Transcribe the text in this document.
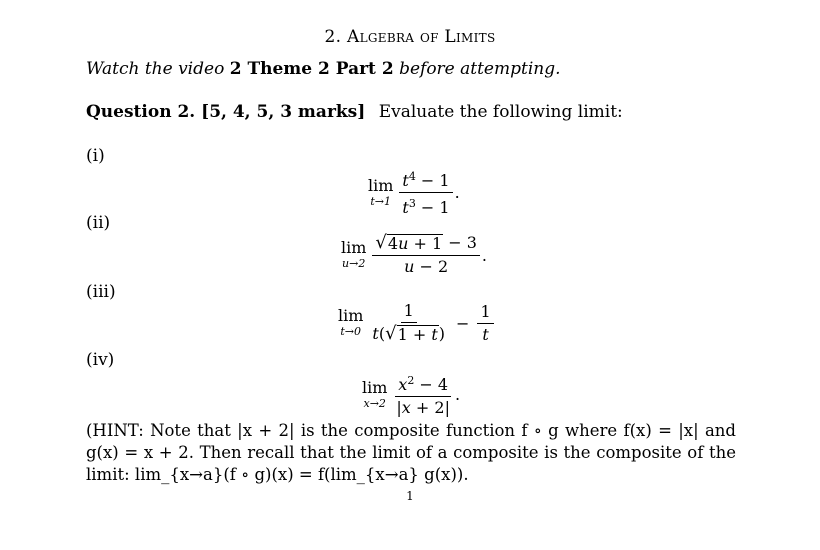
2. Algebra of Limits
Watch the video 2 Theme 2 Part 2 before attempting.
Question 2. [5, 4, 5, 3 marks] Evaluate the following limit:
(i)
lim
$t\to 1 \frac{t^4 - 1}{t^3 - 1}$ .
(ii)
lim
$u\to 2 \frac{√ 4u + 1 - 3}{u - 2}$ .
(iii)
lim
$t\to 0 \frac{1}{t( √ 1 + t )} - \frac{1}{t}$
(iv)
lim
$x\to 2 \frac{x^2 - 4}{|x + 2|}$ .
(HINT: Note that |x + 2| is the composite function f ∘ g where f(x) = |x| and g(x) = x + 2. Then recall that the limit of a composite is the composite of the limit: lim_{x→a}(f ∘ g)(x) = f(lim_{x→a} g(x)).
1
